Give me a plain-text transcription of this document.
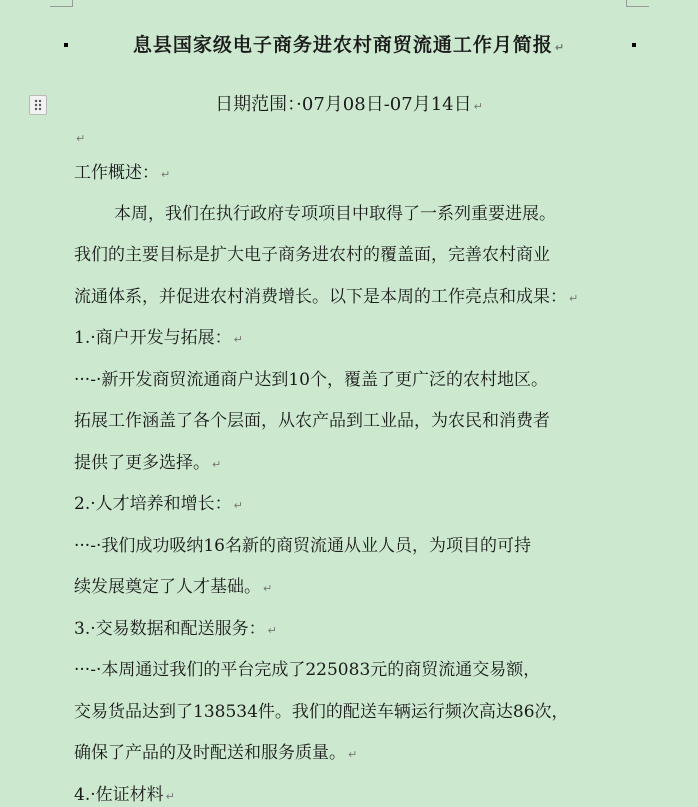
息县国家级电子商务进农村商贸流通工作月简报 ↵
日期范围：·07月08日-07月14日 ↵
↵
工作概述： ↵
本周，我们在执行政府专项项目中取得了一系列重要进展。
我们的主要目标是扩大电子商务进农村的覆盖面，完善农村商业
流通体系，并促进农村消费增长。以下是本周的工作亮点和成果： ↵
1.·商户开发与拓展： ↵
···-·新开发商贸流通商户达到10个，覆盖了更广泛的农村地区。
拓展工作涵盖了各个层面，从农产品到工业品，为农民和消费者
提供了更多选择。 ↵
2.·人才培养和增长： ↵
···-·我们成功吸纳16名新的商贸流通从业人员，为项目的可持
续发展奠定了人才基础。 ↵
3.·交易数据和配送服务： ↵
···-·本周通过我们的平台完成了225083元的商贸流通交易额，
交易货品达到了138534件。我们的配送车辆运行频次高达86次，
确保了产品的及时配送和服务质量。 ↵
4.·佐证材料 ↵
